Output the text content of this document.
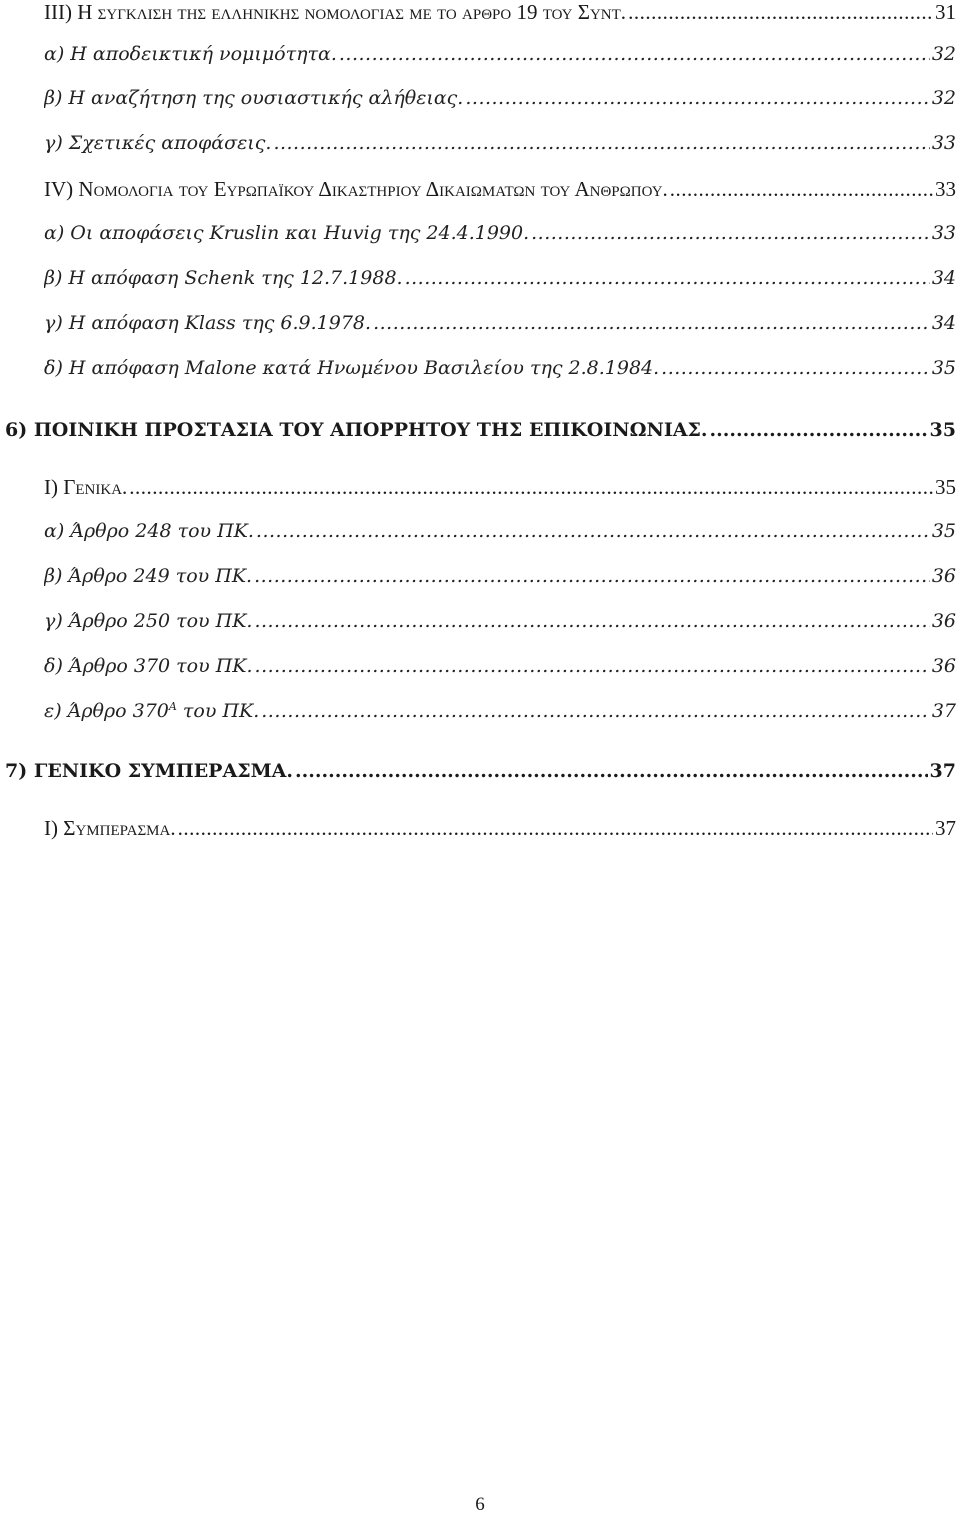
III) Η συγκλιση της ελληνικης νομολογιας με το αρθρο 19 του Συντ. .....	31
α) Η αποδεικτική νομιμότητα. .....	32
β) Η αναζήτηση της ουσιαστικής αλήθειας. .....	32
γ) Σχετικές αποφάσεις. .....	33
IV) Νομολογια του Ευρωπαϊκου Δικαστηριου Δικαιωματων του Ανθρωπου. .....	33
α) Οι αποφάσεις Kruslin και Huvig της 24.4.1990. .....	33
β) Η απόφαση Schenk της 12.7.1988. .....	34
γ) Η απόφαση Klass της 6.9.1978. .....	34
δ) Η απόφαση Malone κατά Ηνωμένου Βασιλείου της 2.8.1984. .....	35
6) ΠΟΙΝΙΚΗ ΠΡΟΣΤΑΣΙΑ ΤΟΥ ΑΠΟΡΡΗΤΟΥ ΤΗΣ ΕΠΙΚΟΙΝΩΝΙΑΣ. .....	35
I) Γενικα. .....	35
α) Άρθρο 248 του ΠΚ. .....	35
β) Άρθρο 249 του ΠΚ. .....	36
γ) Άρθρο 250 του ΠΚ. .....	36
δ) Άρθρο 370 του ΠΚ. .....	36
ε) Άρθρο $370^A$ του ΠΚ. .....	37
7) ΓΕΝΙΚΟ ΣΥΜΠΕΡΑΣΜΑ. .....	37
I) Συμπερασμα. .....	37
6
